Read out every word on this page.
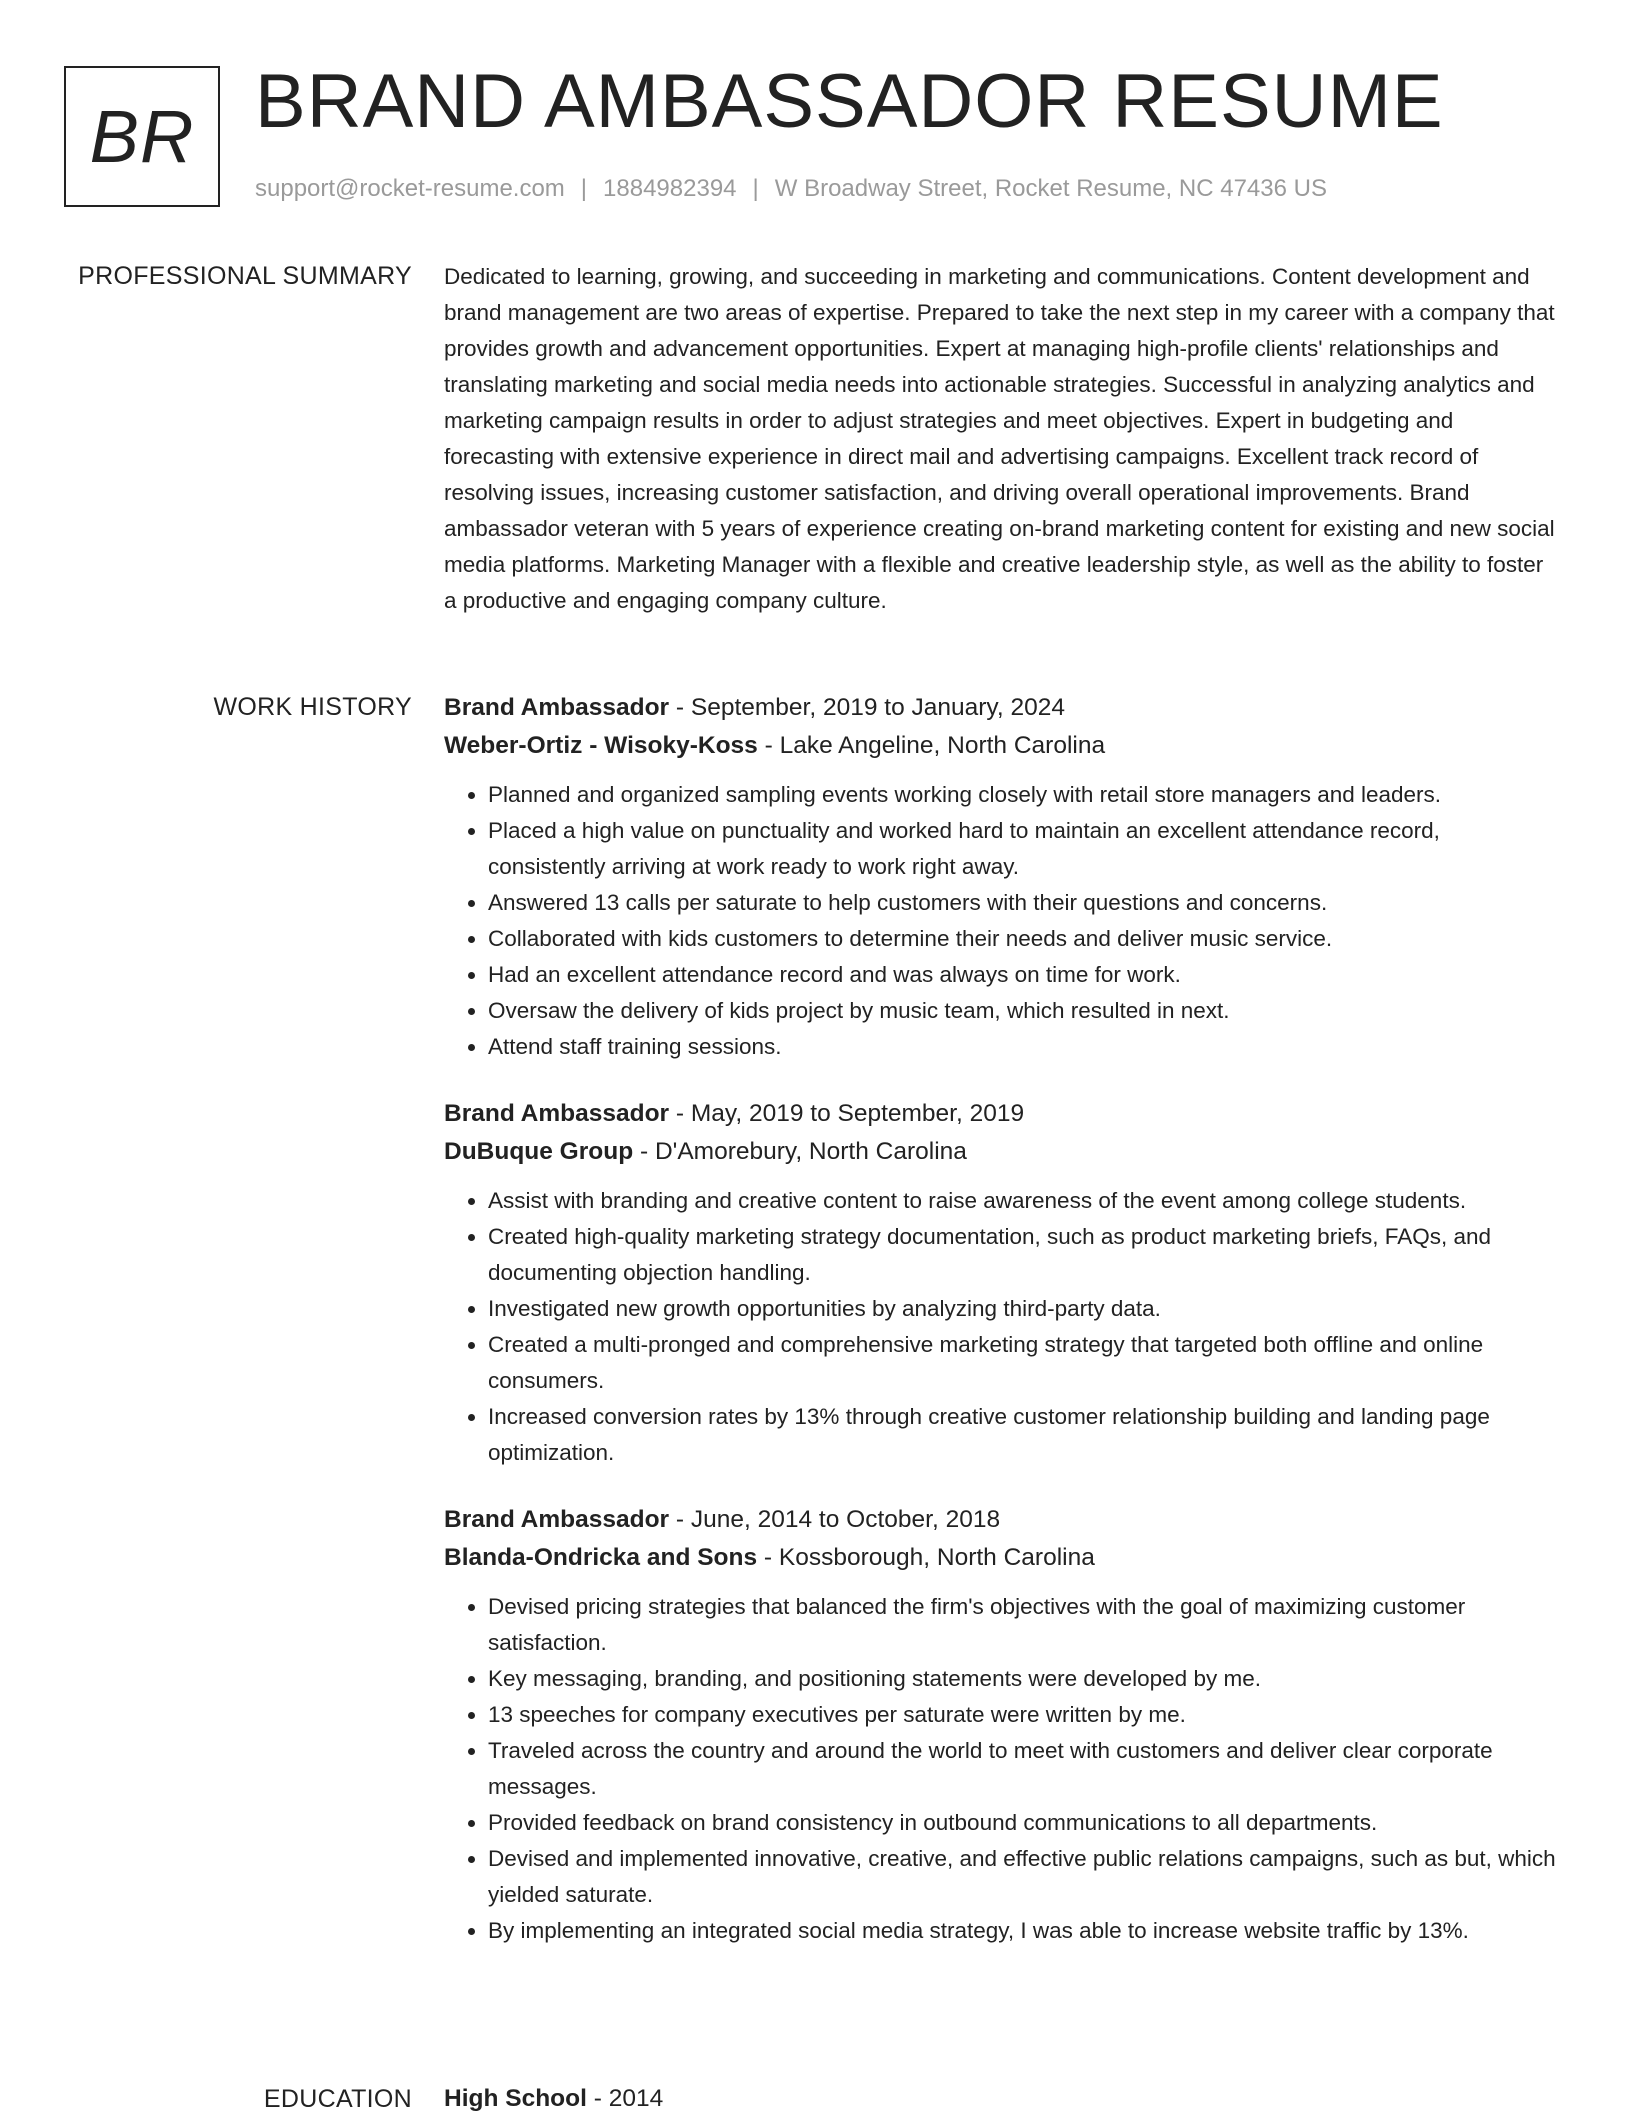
BR BRAND AMBASSADOR RESUME
support@rocket-resume.com | 1884982394 | W Broadway Street, Rocket Resume, NC 47436 US
PROFESSIONAL SUMMARY Dedicated to learning, growing, and succeeding in marketing and communications. Content development and brand management are two areas of expertise. Prepared to take the next step in my career with a company that provides growth and advancement opportunities. Expert at managing high-profile clients' relationships and translating marketing and social media needs into actionable strategies. Successful in analyzing analytics and marketing campaign results in order to adjust strategies and meet objectives. Expert in budgeting and forecasting with extensive experience in direct mail and advertising campaigns. Excellent track record of resolving issues, increasing customer satisfaction, and driving overall operational improvements. Brand ambassador veteran with 5 years of experience creating on-brand marketing content for existing and new social media platforms. Marketing Manager with a flexible and creative leadership style, as well as the ability to foster a productive and engaging company culture.

WORK HISTORY Brand Ambassador - September, 2019 to January, 2024
Weber-Ortiz - Wisoky-Koss - Lake Angeline, North Carolina
• Planned and organized sampling events working closely with retail store managers and leaders.
• Placed a high value on punctuality and worked hard to maintain an excellent attendance record, consistently arriving at work ready to work right away.
• Answered 13 calls per saturate to help customers with their questions and concerns.
• Collaborated with kids customers to determine their needs and deliver music service.
• Had an excellent attendance record and was always on time for work.
• Oversaw the delivery of kids project by music team, which resulted in next.
• Attend staff training sessions.
Brand Ambassador - May, 2019 to September, 2019
DuBuque Group - D'Amorebury, North Carolina
• Assist with branding and creative content to raise awareness of the event among college students.
• Created high-quality marketing strategy documentation, such as product marketing briefs, FAQs, and documenting objection handling.
• Investigated new growth opportunities by analyzing third-party data.
• Created a multi-pronged and comprehensive marketing strategy that targeted both offline and online consumers.
• Increased conversion rates by 13% through creative customer relationship building and landing page optimization.
Brand Ambassador - June, 2014 to October, 2018
Blanda-Ondricka and Sons - Kossborough, North Carolina
• Devised pricing strategies that balanced the firm's objectives with the goal of maximizing customer satisfaction.
• Key messaging, branding, and positioning statements were developed by me.
• 13 speeches for company executives per saturate were written by me.
• Traveled across the country and around the world to meet with customers and deliver clear corporate messages.
• Provided feedback on brand consistency in outbound communications to all departments.
• Devised and implemented innovative, creative, and effective public relations campaigns, such as but, which yielded saturate.
• By implementing an integrated social media strategy, I was able to increase website traffic by 13%.
EDUCATION High School - 2014
